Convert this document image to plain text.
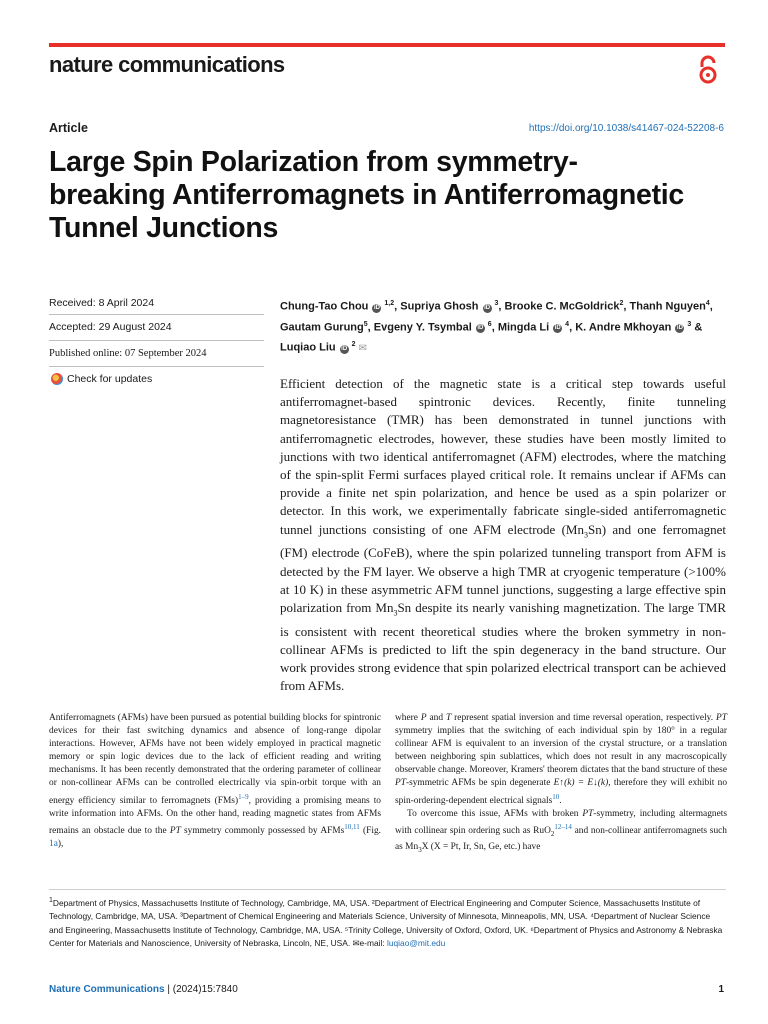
nature communications
Article	https://doi.org/10.1038/s41467-024-52208-6
Large Spin Polarization from symmetry-breaking Antiferromagnets in Antiferromagnetic Tunnel Junctions
Received: 8 April 2024
Accepted: 29 August 2024
Published online: 07 September 2024
Check for updates
Chung-Tao Chou iD $^{1,2}$, Supriya Ghosh iD $^3$, Brooke C. McGoldrick$^2$, Thanh Nguyen$^4$, Gautam Gurung$^5$, Evgeny Y. Tsymbal iD $^6$, Mingda Li iD $^4$, K. Andre Mkhoyan iD $^3$ & Luqiao Liu iD $^2$ ✉
Efficient detection of the magnetic state is a critical step towards useful antiferromagnet-based spintronic devices. Recently, finite tunneling magnetoresistance (TMR) has been demonstrated in tunnel junctions with antiferromagnetic electrodes, however, these studies have been mostly limited to junctions with two identical antiferromagnet (AFM) electrodes, where the matching of the spin-split Fermi surfaces played critical role. It remains unclear if AFMs can provide a finite net spin polarization, and hence be used as a spin polarizer or detector. In this work, we experimentally fabricate single-sided antiferromagnetic tunnel junctions consisting of one AFM electrode $(Mn_3Sn)$ and one ferromagnet (FM) electrode (CoFeB), where the spin polarized tunneling transport from AFM is detected by the FM layer. We observe a high TMR at cryogenic temperature (>100% at 10 K) in these asymmetric AFM tunnel junctions, suggesting a large effective spin polarization from $Mn_3Sn$ despite its nearly vanishing magnetization. The large TMR is consistent with recent theoretical studies where the broken symmetry in non-collinear AFMs is predicted to lift the spin degeneracy in the band structure. Our work provides strong evidence that spin polarized electrical transport can be achieved from AFMs.

Antiferromagnets (AFMs) have been pursued as potential building blocks for spintronic devices for their fast switching dynamics and absence of long-range dipolar interactions. However, AFMs have not been widely employed in practical magnetic memory or spin logic devices due to the lack of efficient reading and writing mechanisms. It has been recently demonstrated that the ordering parameter of collinear or non-collinear AFMs can be controlled electrically via spin-orbit torque with an energy efficiency similar to ferromagnets (FMs)$^{1-9}$, providing a promising means to write information into AFMs. On the other hand, reading magnetic states from AFMs remains an obstacle due to the PT symmetry commonly possessed by AFMs$^{10,11}$ (Fig. 1a),

where P and T represent spatial inversion and time reversal operation, respectively. PT symmetry implies that the switching of each individual spin by 180° in a regular collinear AFM is equivalent to an inversion of the crystal structure, or a translation between neighboring spin sublattices, which does not result in any macroscopically observable change. Moreover, Kramers' theorem dictates that the band structure of these PT-symmetric AFMs be spin degenerate E↑(k) = E↓(k), therefore they will exhibit no spin-ordering-dependent electrical signals$^{10}$.

To overcome this issue, AFMs with broken PT-symmetry, including altermagnets with collinear spin ordering such as RuO$_2^{12-14}$ and non-collinear antiferromagnets such as $Mn_3X$ (X = Pt, Ir, Sn, Ge, etc.) have

$^1$Department of Physics, Massachusetts Institute of Technology, Cambridge, MA, USA. ²Department of Electrical Engineering and Computer Science, Massachusetts Institute of Technology, Cambridge, MA, USA. ³Department of Chemical Engineering and Materials Science, University of Minnesota, Minneapolis, MN, USA. ⁴Department of Nuclear Science and Engineering, Massachusetts Institute of Technology, Cambridge, MA, USA. ⁵Trinity College, University of Oxford, Oxford, UK. ⁶Department of Physics and Astronomy & Nebraska Center for Materials and Nanoscience, University of Nebraska, Lincoln, NE, USA. ✉e-mail: luqiao@mit.edu
Nature Communications | (2024)15:7840	1
